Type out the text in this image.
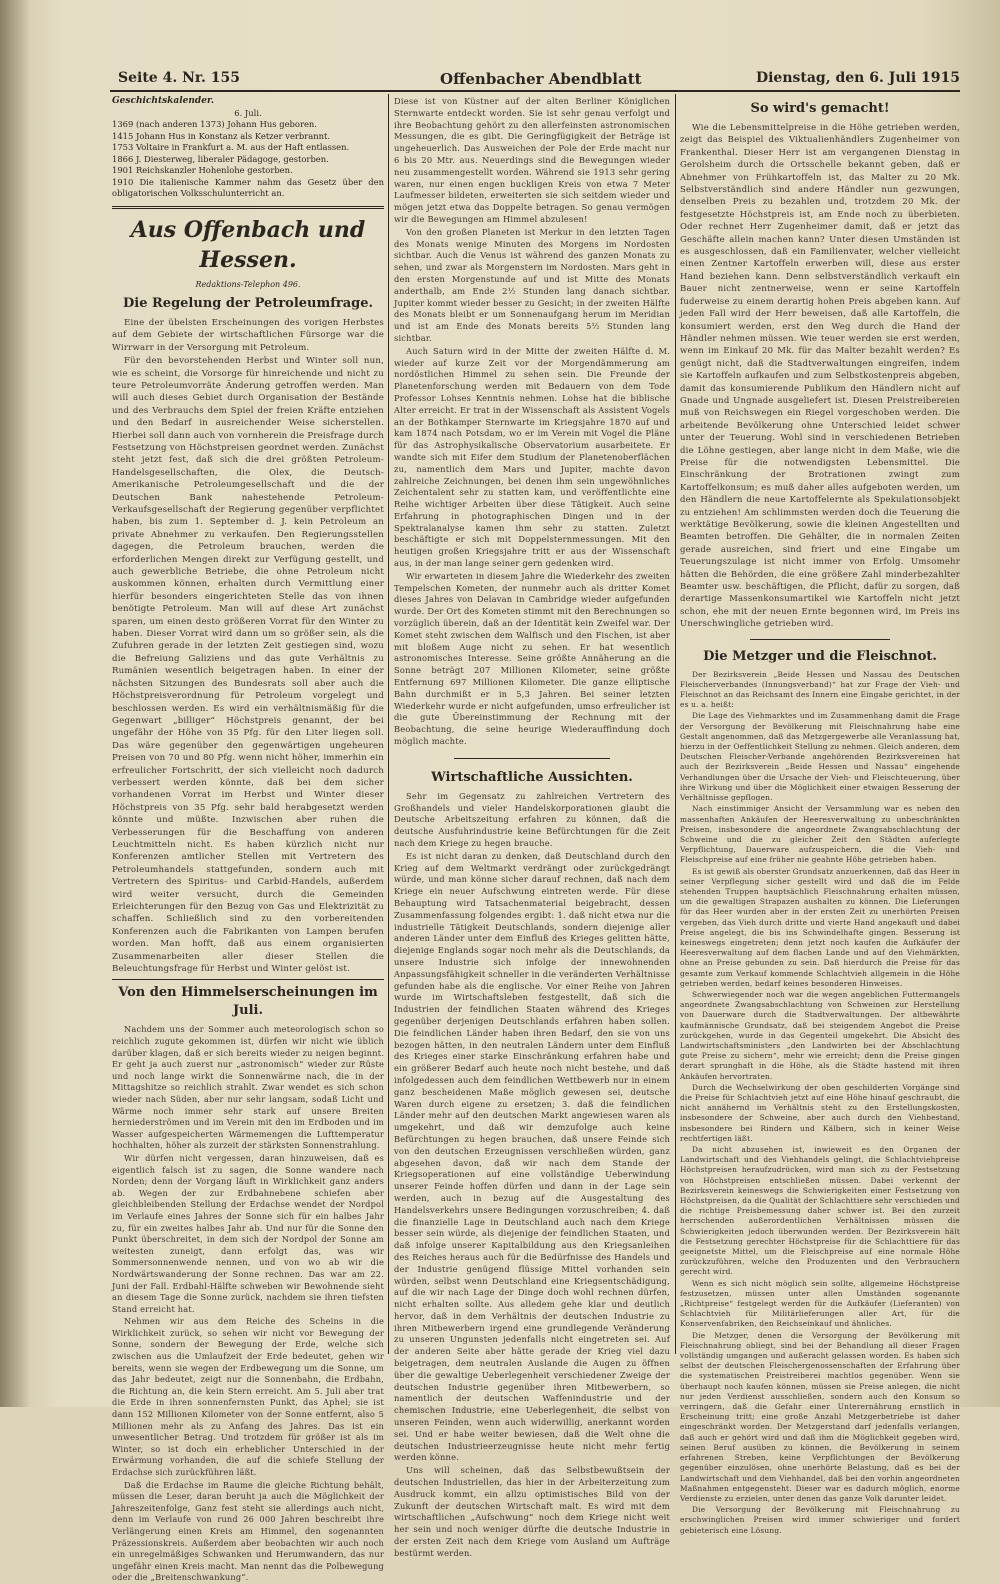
Seite 4. Nr. 155	Offenbacher Abendblatt	Dienstag, den 6. Juli 1915
Geschichtskalender.
6. Juli.
1369 (nach anderen 1373) Johann Hus geboren.
1415 Johann Hus in Konstanz als Ketzer verbrannt.
1753 Voltaire in Frankfurt a. M. aus der Haft entlassen.
1866 J. Diesterweg, liberaler Pädagoge, gestorben.
1901 Reichskanzler Hohenlohe gestorben.
1910 Die italienische Kammer nahm das Gesetz über den obligatorischen Volksschulunterricht an.
Aus Offenbach und Hessen.
Redaktions-Telephon 496.
Die Regelung der Petroleumfrage.

Eine der übelsten Erscheinungen des vorigen Herbstes auf dem Gebiete der wirtschaftlichen Fürsorge war die Wirrwarr in der Versorgung mit Petroleum.

Für den bevorstehenden Herbst und Winter soll nun, wie es scheint, die Vorsorge für hinreichende und nicht zu teure Petroleumvorräte Änderung getroffen werden. Man will auch dieses Gebiet durch Organisation der Bestände und des Verbrauchs dem Spiel der freien Kräfte entziehen und den Bedarf in ausreichender Weise sicherstellen. Hierbei soll dann auch von vornherein die Preisfrage durch Festsetzung von Höchstpreisen geordnet werden. Zunächst steht jetzt fest, daß sich die drei größten Petroleum-Handelsgesellschaften, die Olex, die Deutsch-Amerikanische Petroleumgesellschaft und die der Deutschen Bank nahestehende Petroleum-Verkaufsgesellschaft der Regierung gegenüber verpflichtet haben, bis zum 1. September d. J. kein Petroleum an private Abnehmer zu verkaufen. Den Regierungsstellen dagegen, die Petroleum brauchen, werden die erforderlichen Mengen direkt zur Verfügung gestellt, und auch gewerbliche Betriebe, die ohne Petroleum nicht auskommen können, erhalten durch Vermittlung einer hierfür besonders eingerichteten Stelle das von ihnen benötigte Petroleum. Man will auf diese Art zunächst sparen, um einen desto größeren Vorrat für den Winter zu haben. Dieser Vorrat wird dann um so größer sein, als die Zufuhren gerade in der letzten Zeit gestiegen sind, wozu die Befreiung Galiziens und das gute Verhältnis zu Rumänien wesentlich beigetragen haben. In einer der nächsten Sitzungen des Bundesrats soll aber auch die Höchstpreisverordnung für Petroleum vorgelegt und beschlossen werden. Es wird ein verhältnismäßig für die Gegenwart „billiger“ Höchstpreis genannt, der bei ungefähr der Höhe von 35 Pfg. für den Liter liegen soll. Das wäre gegenüber den gegenwärtigen ungeheuren Preisen von 70 und 80 Pfg. wenn nicht höher, immerhin ein erfreulicher Fortschritt, der sich vielleicht noch dadurch verbessert werden könnte, daß bei dem sicher vorhandenen Vorrat im Herbst und Winter dieser Höchstpreis von 35 Pfg. sehr bald herabgesetzt werden könnte und müßte. Inzwischen aber ruhen die Verbesserungen für die Beschaffung von anderen Leuchtmitteln nicht. Es haben kürzlich nicht nur Konferenzen amtlicher Stellen mit Vertretern des Petroleumhandels stattgefunden, sondern auch mit Vertretern des Spiritus- und Carbid-Handels, außerdem wird weiter versucht, durch die Gemeinden Erleichterungen für den Bezug von Gas und Elektrizität zu schaffen. Schließlich sind zu den vorbereitenden Konferenzen auch die Fabrikanten von Lampen berufen worden. Man hofft, daß aus einem organisierten Zusammenarbeiten aller dieser Stellen die Beleuchtungsfrage für Herbst und Winter gelöst ist.

Von den Himmelserscheinungen im Juli.

Nachdem uns der Sommer auch meteorologisch schon so reichlich zugute gekommen ist, dürfen wir nicht wie üblich darüber klagen, daß er sich bereits wieder zu neigen beginnt. Er geht ja auch zuerst nur „astronomisch“ wieder zur Rüste und noch lange wirkt die Sonnenwärme nach, die in der Mittagshitze so reichlich strahlt. Zwar wendet es sich schon wieder nach Süden, aber nur sehr langsam, sodaß Licht und Wärme noch immer sehr stark auf unsere Breiten herniederströmen und im Verein mit den im Erdboden und im Wasser aufgespeicherten Wärmemengen die Lufttemperatur hochhalten, höher als zurzeit der stärksten Sonnenstrahlung.

Wir dürfen nicht vergessen, daran hinzuweisen, daß es eigentlich falsch ist zu sagen, die Sonne wandere nach Norden; denn der Vorgang läuft in Wirklichkeit ganz anders ab. Wegen der zur Erdbahnebene schiefen aber gleichbleibenden Stellung der Erdachse wendet der Nordpol im Verlaufe eines Jahres der Sonne sich für ein halbes Jahr zu, für ein zweites halbes Jahr ab. Und nur für die Sonne den Punkt überschreitet, in dem sich der Nordpol der Sonne am weitesten zuneigt, dann erfolgt das, was wir Sommersonnenwende nennen, und von wo ab wir die Nordwärtswanderung der Sonne rechnen. Das war am 22. Juni der Fall. Erdbahl-Hälfte schweben wir Bewohnende sieht an diesem Tage die Sonne zurück, nachdem sie ihren tiefsten Stand erreicht hat.

Nehmen wir aus dem Reiche des Scheins in die Wirklichkeit zurück, so sehen wir nicht vor Bewegung der Sonne, sondern der Bewegung der Erde, welche sich zwischen aus die Umlaufzeit der Erde bedeutet, gehen wir bereits, wenn sie wegen der Erdbewegung um die Sonne, um das Jahr bedeutet, zeigt nur die Sonnenbahn, die Erdbahn, die Richtung an, die kein Stern erreicht. Am 5. Juli aber trat die Erde in ihren sonnenfernsten Punkt, das Aphel; sie ist dann 152 Millionen Kilometer von der Sonne entfernt, also 5 Millionen mehr als zu Anfang des Jahres. Das ist ein unwesentlicher Betrag. Und trotzdem für größer ist als im Winter, so ist doch ein erheblicher Unterschied in der Erwärmung vorhanden, die auf die schiefe Stellung der Erdachse sich zurückführen läßt.

Daß die Erdachse im Raume die gleiche Richtung behält, müssen die Leser, daran beruht ja auch die Möglichkeit der Jahreszeitenfolge, Ganz fest steht sie allerdings auch nicht, denn im Verlaufe von rund 26 000 Jahren beschreibt ihre Verlängerung einen Kreis am Himmel, den sogenannten Präzessionskreis. Außerdem aber beobachten wir auch noch ein unregelmäßiges Schwanken und Herumwandern, das nur ungefähr einen Kreis macht. Man nennt das die Polbewegung oder die „Breitenschwankung“.

Diese ist von Küstner auf der alten Berliner Königlichen Sternwarte entdeckt worden. Sie ist sehr genau verfolgt und ihre Beobachtung gehört zu den allerfeinsten astronomischen Messungen, die es gibt. Die Geringfügigkeit der Beträge ist ungeheuerlich. Das Ausweichen der Pole der Erde macht nur 6 bis 20 Mtr. aus. Neuerdings sind die Bewegungen wieder neu zusammengestellt worden. Während sie 1913 sehr gering waren, nur einen engen buckligen Kreis von etwa 7 Meter Laufmesser bildeten, erweiterten sie sich seitdem wieder und mögen jetzt etwa das Doppelte betragen. So genau vermögen wir die Bewegungen am Himmel abzulesen!

Von den großen Planeten ist Merkur in den letzten Tagen des Monats wenige Minuten des Morgens im Nordosten sichtbar. Auch die Venus ist während des ganzen Monats zu sehen, und zwar als Morgenstern im Nordosten. Mars geht in den ersten Morgenstunde auf und ist Mitte des Monats anderthalb, am Ende 2½ Stunden lang danach sichtbar. Jupiter kommt wieder besser zu Gesicht; in der zweiten Hälfte des Monats bleibt er um Sonnenaufgang herum im Meridian und ist am Ende des Monats bereits 5½ Stunden lang sichtbar.

Auch Saturn wird in der Mitte der zweiten Hälfte d. M. wieder auf kurze Zeit vor der Morgendämmerung am nordöstlichen Himmel zu sehen sein. Die Freunde der Planetenforschung werden mit Bedauern von dem Tode Professor Lohses Kenntnis nehmen. Lohse hat die biblische Alter erreicht. Er trat in der Wissenschaft als Assistent Vogels an der Bothkamper Sternwarte im Kriegsjahre 1870 auf und kam 1874 nach Potsdam, wo er im Verein mit Vogel die Pläne für das Astrophysikalische Observatorium ausarbeitete. Er wandte sich mit Eifer dem Studium der Planetenoberflächen zu, namentlich dem Mars und Jupiter, machte davon zahlreiche Zeichnungen, bei denen ihm sein ungewöhnliches Zeichentalent sehr zu statten kam, und veröffentlichte eine Reihe wichtiger Arbeiten über diese Tätigkeit. Auch seine Erfahrung in photographischen Dingen und in der Spektralanalyse kamen ihm sehr zu statten. Zuletzt beschäftigte er sich mit Doppelsternmessungen. Mit den heutigen großen Kriegsjahre tritt er aus der Wissenschaft aus, in der man lange seiner gern gedenken wird.

Wir erwarteten in diesem Jahre die Wiederkehr des zweiten Tempelschen Kometen, der nunmehr auch als dritter Komet dieses Jahres von Delavan in Cambridge wieder aufgefunden wurde. Der Ort des Kometen stimmt mit den Berechnungen so vorzüglich überein, daß an der Identität kein Zweifel war. Der Komet steht zwischen dem Walfisch und den Fischen, ist aber mit bloßem Auge nicht zu sehen. Er hat wesentlich astronomisches Interesse. Seine größte Annäherung an die Sonne beträgt 207 Millionen Kilometer, seine größte Entfernung 697 Millionen Kilometer. Die ganze elliptische Bahn durchmißt er in 5,3 Jahren. Bei seiner letzten Wiederkehr wurde er nicht aufgefunden, umso erfreulicher ist die gute Übereinstimmung der Rechnung mit der Beobachtung, die seine heurige Wiederauffindung doch möglich machte.

Wirtschaftliche Aussichten.

Sehr im Gegensatz zu zahlreichen Vertretern des Großhandels und vieler Handelskorporationen glaubt die Deutsche Arbeitszeitung erfahren zu können, daß die deutsche Ausfuhrindustrie keine Befürchtungen für die Zeit nach dem Kriege zu hegen brauche.

Es ist nicht daran zu denken, daß Deutschland durch den Krieg auf dem Weltmarkt verdrängt oder zurückgedrängt würde, und man könne sicher darauf rechnen, daß nach dem Kriege ein neuer Aufschwung eintreten werde. Für diese Behauptung wird Tatsachenmaterial beigebracht, dessen Zusammenfassung folgendes ergibt: 1. daß nicht etwa nur die industrielle Tätigkeit Deutschlands, sondern diejenige aller anderen Länder unter dem Einfluß des Krieges gelitten hätte, diejenige Englands sogar noch mehr als die Deutschlands, da unsere Industrie sich infolge der innewohnenden Anpassungsfähigkeit schneller in die veränderten Verhältnisse gefunden habe als die englische. Vor einer Reihe von Jahren wurde im Wirtschaftsleben festgestellt, daß sich die Industrien der feindlichen Staaten während des Krieges gegenüber derjenigen Deutschlands erfahren haben sollen. Die feindlichen Länder haben ihren Bedarf, den sie von uns bezogen hätten, in den neutralen Ländern unter dem Einfluß des Krieges einer starke Einschränkung erfahren habe und ein größerer Bedarf auch heute noch nicht bestehe, und daß infolgedessen auch dem feindlichen Wettbewerb nur in einem ganz bescheidenen Maße möglich gewesen sei, deutsche Waren durch eigene zu ersetzen; 3. daß die feindlichen Länder mehr auf den deutschen Markt angewiesen waren als umgekehrt, und daß wir demzufolge auch keine Befürchtungen zu hegen brauchen, daß unsere Feinde sich von den deutschen Erzeugnissen verschließen würden, ganz abgesehen davon, daß wir nach dem Stande der Kriegsoperationen auf eine vollständige Ueberwindung unserer Feinde hoffen dürfen und dann in der Lage sein werden, auch in bezug auf die Ausgestaltung des Handelsverkehrs unsere Bedingungen vorzuschreiben; 4. daß die finanzielle Lage in Deutschland auch nach dem Kriege besser sein würde, als diejenige der feindlichen Staaten, und daß infolge unserer Kapitalbildung aus den Kriegsanleihen des Reiches heraus auch für die Bedürfnisse des Handels und der Industrie genügend flüssige Mittel vorhanden sein würden, selbst wenn Deutschland eine Kriegsentschädigung, auf die wir nach Lage der Dinge doch wohl rechnen dürfen, nicht erhalten sollte. Aus alledem gehe klar und deutlich hervor, daß in dem Verhältnis der deutschen Industrie zu ihren Mitbewerbern irgend eine grundlegende Veränderung zu unseren Ungunsten jedenfalls nicht eingetreten sei. Auf der anderen Seite aber hätte gerade der Krieg viel dazu beigetragen, dem neutralen Auslande die Augen zu öffnen über die gewaltige Ueberlegenheit verschiedener Zweige der deutschen Industrie gegenüber ihren Mitbewerbern, so namentlich der deutschen Waffenindustrie und der chemischen Industrie, eine Ueberlegenheit, die selbst von unseren Feinden, wenn auch widerwillig, anerkannt worden sei. Und er habe weiter bewiesen, daß die Welt ohne die deutschen Industrieerzeugnisse heute nicht mehr fertig werden könne.

Uns will scheinen, daß das Selbstbewußtsein der deutschen Industriellen, das hier in der Arbeiterzeitung zum Ausdruck kommt, ein allzu optimistisches Bild von der Zukunft der deutschen Wirtschaft malt. Es wird mit dem wirtschaftlichen „Aufschwung“ noch dem Kriege nicht weit her sein und noch weniger dürfte die deutsche Industrie in der ersten Zeit nach dem Kriege vom Ausland um Aufträge bestürmt werden.

So wird's gemacht!

Wie die Lebensmittelpreise in die Höhe getrieben werden, zeigt das Beispiel des Viktualienhändlers Zugenheimer von Frankenthal. Dieser Herr ist am vergangenen Dienstag in Gerolsheim durch die Ortsschelle bekannt geben, daß er Abnehmer von Frühkartoffeln ist, das Malter zu 20 Mk. Selbstverständlich sind andere Händler nun gezwungen, denselben Preis zu bezahlen und, trotzdem 20 Mk. der festgesetzte Höchstpreis ist, am Ende noch zu überbieten. Oder rechnet Herr Zugenheimer damit, daß er jetzt das Geschäfte allein machen kann? Unter diesen Umständen ist es ausgeschlossen, daß ein Familienvater, welcher vielleicht einen Zentner Kartoffeln erwerben will, diese aus erster Hand beziehen kann. Denn selbstverständlich verkauft ein Bauer nicht zentnerweise, wenn er seine Kartoffeln fuderweise zu einem derartig hohen Preis abgeben kann. Auf jeden Fall wird der Herr beweisen, daß alle Kartoffeln, die konsumiert werden, erst den Weg durch die Hand der Händler nehmen müssen. Wie teuer werden sie erst werden, wenn im Einkauf 20 Mk. für das Malter bezahlt werden? Es genügt nicht, daß die Stadtverwaltungen eingreifen, indem sie Kartoffeln aufkaufen und zum Selbstkostenpreis abgeben, damit das konsumierende Publikum den Händlern nicht auf Gnade und Ungnade ausgeliefert ist. Diesen Preistreibereien muß von Reichswegen ein Riegel vorgeschoben werden. Die arbeitende Bevölkerung ohne Unterschied leidet schwer unter der Teuerung. Wohl sind in verschiedenen Betrieben die Löhne gestiegen, aber lange nicht in dem Maße, wie die Preise für die notwendigsten Lebensmittel. Die Einschränkung der Brotrationen zwingt zum Kartoffelkonsum; es muß daher alles aufgeboten werden, um den Händlern die neue Kartoffelernte als Spekulationsobjekt zu entziehen! Am schlimmsten werden doch die Teuerung die werktätige Bevölkerung, sowie die kleinen Angestellten und Beamten betroffen. Die Gehälter, die in normalen Zeiten gerade ausreichen, sind friert und eine Eingabe um Teuerungszulage ist nicht immer von Erfolg. Umsomehr hätten die Behörden, die eine größere Zahl minderbezahlter Beamter usw. beschäftigen, die Pflicht, dafür zu sorgen, daß derartige Massenkonsumartikel wie Kartoffeln nicht jetzt schon, ehe mit der neuen Ernte begonnen wird, im Preis ins Unerschwingliche getrieben wird.

Die Metzger und die Fleischnot.

Der Bezirksverein „Beide Hessen und Nassau des Deutschen Fleischerverbandes (Innungsverband)“ hat zur Frage der Vieh- und Fleischnot an das Reichsamt des Innern eine Eingabe gerichtet, in der es u. a. heißt:

Die Lage des Viehmarktes und im Zusammenhang damit die Frage der Versorgung der Bevölkerung mit Fleischnahrung habe eine Gestalt angenommen, daß das Metzgergewerbe alle Veranlassung hat, hierzu in der Oeffentlichkeit Stellung zu nehmen. Gleich anderen, dem Deutschen Fleischer-Verbande angehörenden Bezirksvereinen hat auch der Bezirksverein „Beide Hessen und Nassau“ eingehende Verhandlungen über die Ursache der Vieh- und Fleischteuerung, über ihre Wirkung und über die Möglichkeit einer etwaigen Besserung der Verhältnisse gepflogen.

Nach einstimmiger Ansicht der Versammlung war es neben den massenhaften Ankäufen der Heeresverwaltung zu unbeschränkten Preisen, insbesondere die angeordnete Zwangsabschlachtung der Schweine und die zu gleicher Zeit den Städten auferlegte Verpflichtung, Dauerware aufzuspeichern, die die Vieh- und Fleischpreise auf eine früher nie geahnte Höhe getrieben haben.

Es ist gewiß als oberster Grundsatz anzuerkennen, daß das Heer in seiner Verpflegung sicher gestellt wird und daß die im Felde stehenden Truppen hauptsächlich Fleischnahrung erhalten müssen, um die gewaltigen Strapazen aushalten zu können. Die Lieferungen für das Heer wurden aber in der ersten Zeit zu unerhörten Preisen vergeben, das Vieh durch dritte und vierte Hand angekauft und dabei Preise angelegt, die bis ins Schwindelhafte gingen. Besserung ist keineswegs eingetreten; denn jetzt noch kaufen die Aufkäufer der Heeresverwaltung auf dem flachen Lande und auf den Viehmärkten, ohne an Preise gebunden zu sein. Daß hierdurch die Preise für das gesamte zum Verkauf kommende Schlachtvieh allgemein in die Höhe getrieben werden, bedarf keines besonderen Hinweises.

Schwerwiegender noch war die wegen angeblichen Futtermangels angeordnete Zwangsabschlachtung von Schweinen zur Herstellung von Dauerware durch die Stadtverwaltungen. Der altbewährte kaufmännische Grundsatz, daß bei steigendem Angebot die Preise zurückgehen, wurde in das Gegenteil umgekehrt. Die Absicht des Landwirtschaftsministers „den Landwirten bei der Abschlachtung gute Preise zu sichern“, mehr wie erreicht; denn die Preise gingen derart sprunghaft in die Höhe, als die Städte hastend mit ihren Ankäufen hervortraten.

Durch die Wechselwirkung der oben geschilderten Vorgänge sind die Preise für Schlachtvieh jetzt auf eine Höhe hinauf geschraubt, die nicht annähernd im Verhältnis steht zu den Erstellungskosten, insbesondere der Schweine, aber auch durch den Viehbestand, insbesondere bei Rindern und Kälbern, sich in keiner Weise rechtfertigen läßt.

Da nicht abzusehen ist, inwieweit es den Organen der Landwirtschaft und des Viehhandels gelingt, die Schlachtviehpreise Höchstpreisen heraufzudrücken, wird man sich zu der Festsetzung von Höchstpreisen entschließen müssen. Dabei verkennt der Bezirksverein keineswegs die Schwierigkeiten einer Festsetzung von Höchstpreisen, da die Qualität der Schlachttiere sehr verschieden und die richtige Preisbemessung daher schwer ist. Bei den zurzeit herrschenden außerordentlichen Verhältnissen müssen die Schwierigkeiten jedoch überwunden werden. Der Bezirksverein hält die Festsetzung gerechter Höchstpreise für die Schlachttiere für das geeignetste Mittel, um die Fleischpreise auf eine normale Höhe zurückzuführen, welche den Produzenten und den Verbrauchern gerecht wird.

Wenn es sich nicht möglich sein sollte, allgemeine Höchstpreise festzusetzen, müssen unter allen Umständen sogenannte „Richtpreise“ festgelegt werden für die Aufkäufer (Lieferanten) von Schlachtvieh für Militärlieferungen aller Art, für die Konservenfabriken, den Reichseinkauf und ähnliches.

Die Metzger, denen die Versorgung der Bevölkerung mit Fleischnahrung obliegt, sind bei der Behandlung all dieser Fragen vollständig umgangen und außeracht gelassen worden. Es haben sich selbst der deutschen Fleischergenossenschaften der Erfahrung über die systematischen Preistreiberei machtlos gegenüber. Wenn sie überhaupt noch kaufen können, müssen sie Preise anlegen, die nicht nur jeden Verdienst ausschließen, sondern auch den Konsum so verringern, daß die Gefahr einer Unterernährung ernstlich in Erscheinung tritt; eine große Anzahl Metzgerbetriebe ist daher eingeschränkt worden. Der Metzgerstand darf jedenfalls verlangen, daß auch er gehört wird und daß ihm die Möglichkeit gegeben wird, seinen Beruf ausüben zu können, die Bevölkerung in seinem erfahrenen Streben, keine Verpflichtungen der Bevölkerung gegenüber einzulösen, ohne unerhörte Belastung, daß es bei der Landwirtschaft und dem Viehhandel, daß bei den vorhin angeordneten Maßnahmen entgegensteht. Dieser war es dadurch möglich, enorme Verdienste zu erzielen, unter denen das ganze Volk darunter leidet.

Die Versorgung der Bevölkerung mit Fleischnahrung zu erschwinglichen Preisen wird immer schwieriger und fordert gebieterisch eine Lösung.
